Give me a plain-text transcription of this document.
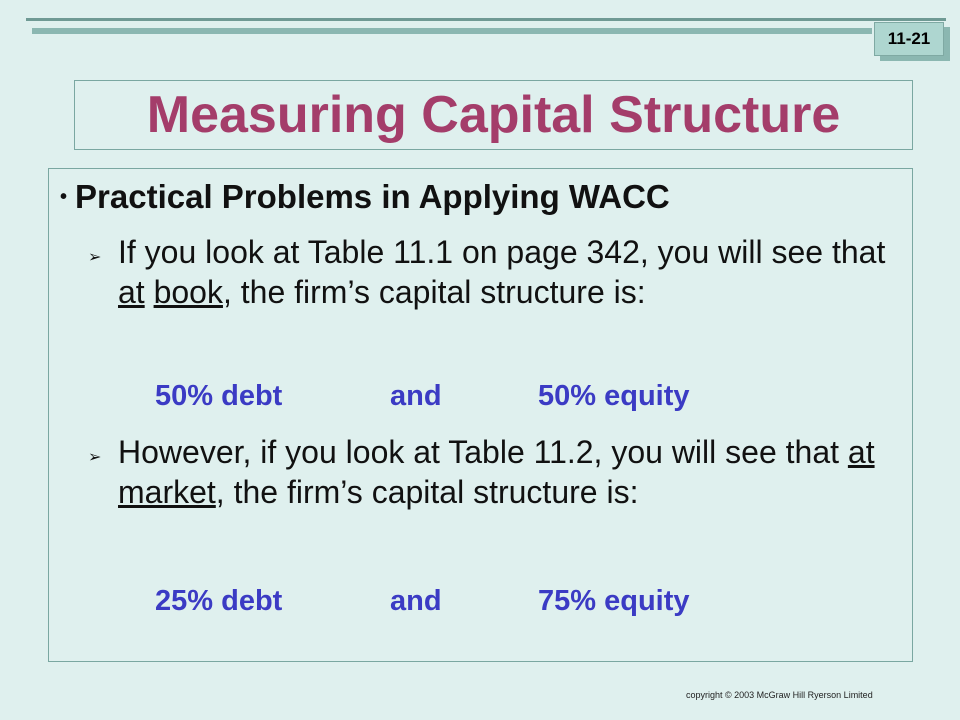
11-21
Measuring Capital Structure
• Practical Problems in Applying WACC
➢ If you look at Table 11.1 on page 342, you will see that at book, the firm’s capital structure is:
50% debt	and	50% equity
➢ However, if you look at Table 11.2, you will see that at market, the firm’s capital structure is:
25% debt	and	75% equity
copyright © 2003 McGraw Hill Ryerson Limited
